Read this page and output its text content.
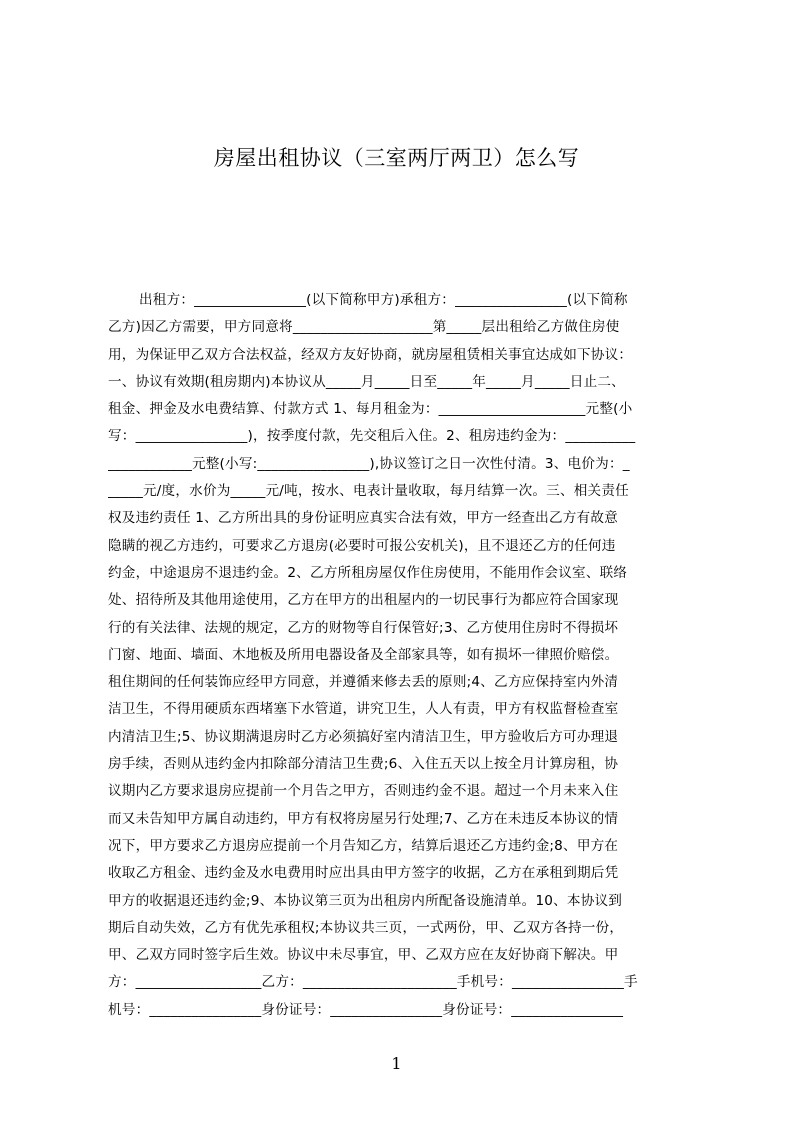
房屋出租协议（三室两厅两卫）怎么写
出租方：________________(以下简称甲方)承租方：________________(以下简称
乙方)因乙方需要，甲方同意将____________________第_____层出租给乙方做住房使
用，为保证甲乙双方合法权益，经双方友好协商，就房屋租赁相关事宜达成如下协议：
一、协议有效期(租房期内)本协议从_____月_____日至_____年_____月_____日止二、
租金、押金及水电费结算、付款方式 1、每月租金为：_____________________元整(小
写：________________)，按季度付款，先交租后入住。2、租房违约金为：__________
____________元整(小写:________________),协议签订之日一次性付清。3、电价为：_
_____元/度，水价为_____元/吨，按水、电表计量收取，每月结算一次。三、相关责任
权及违约责任 1、乙方所出具的身份证明应真实合法有效，甲方一经查出乙方有故意
隐瞒的视乙方违约，可要求乙方退房(必要时可报公安机关)，且不退还乙方的任何违
约金，中途退房不退违约金。2、乙方所租房屋仅作住房使用，不能用作会议室、联络
处、招待所及其他用途使用，乙方在甲方的出租屋内的一切民事行为都应符合国家现
行的有关法律、法规的规定，乙方的财物等自行保管好;3、乙方使用住房时不得损坏
门窗、地面、墙面、木地板及所用电器设备及全部家具等，如有损坏一律照价赔偿。
租住期间的任何装饰应经甲方同意，并遵循来修去丢的原则;4、乙方应保持室内外清
洁卫生，不得用硬质东西堵塞下水管道，讲究卫生，人人有责，甲方有权监督检查室
内清洁卫生;5、协议期满退房时乙方必须搞好室内清洁卫生，甲方验收后方可办理退
房手续，否则从违约金内扣除部分清洁卫生费;6、入住五天以上按全月计算房租，协
议期内乙方要求退房应提前一个月告之甲方，否则违约金不退。超过一个月未来入住
而又未告知甲方属自动违约，甲方有权将房屋另行处理;7、乙方在未违反本协议的情
况下，甲方要求乙方退房应提前一个月告知乙方，结算后退还乙方违约金;8、甲方在
收取乙方租金、违约金及水电费用时应出具由甲方签字的收据，乙方在承租到期后凭
甲方的收据退还违约金;9、本协议第三页为出租房内所配备设施清单。10、本协议到
期后自动失效，乙方有优先承租权;本协议共三页，一式两份，甲、乙双方各持一份，
甲、乙双方同时签字后生效。协议中未尽事宜，甲、乙双方应在友好协商下解决。甲
方：__________________乙方：______________________手机号：________________手
机号：________________身份证号：________________身份证号：________________
1
